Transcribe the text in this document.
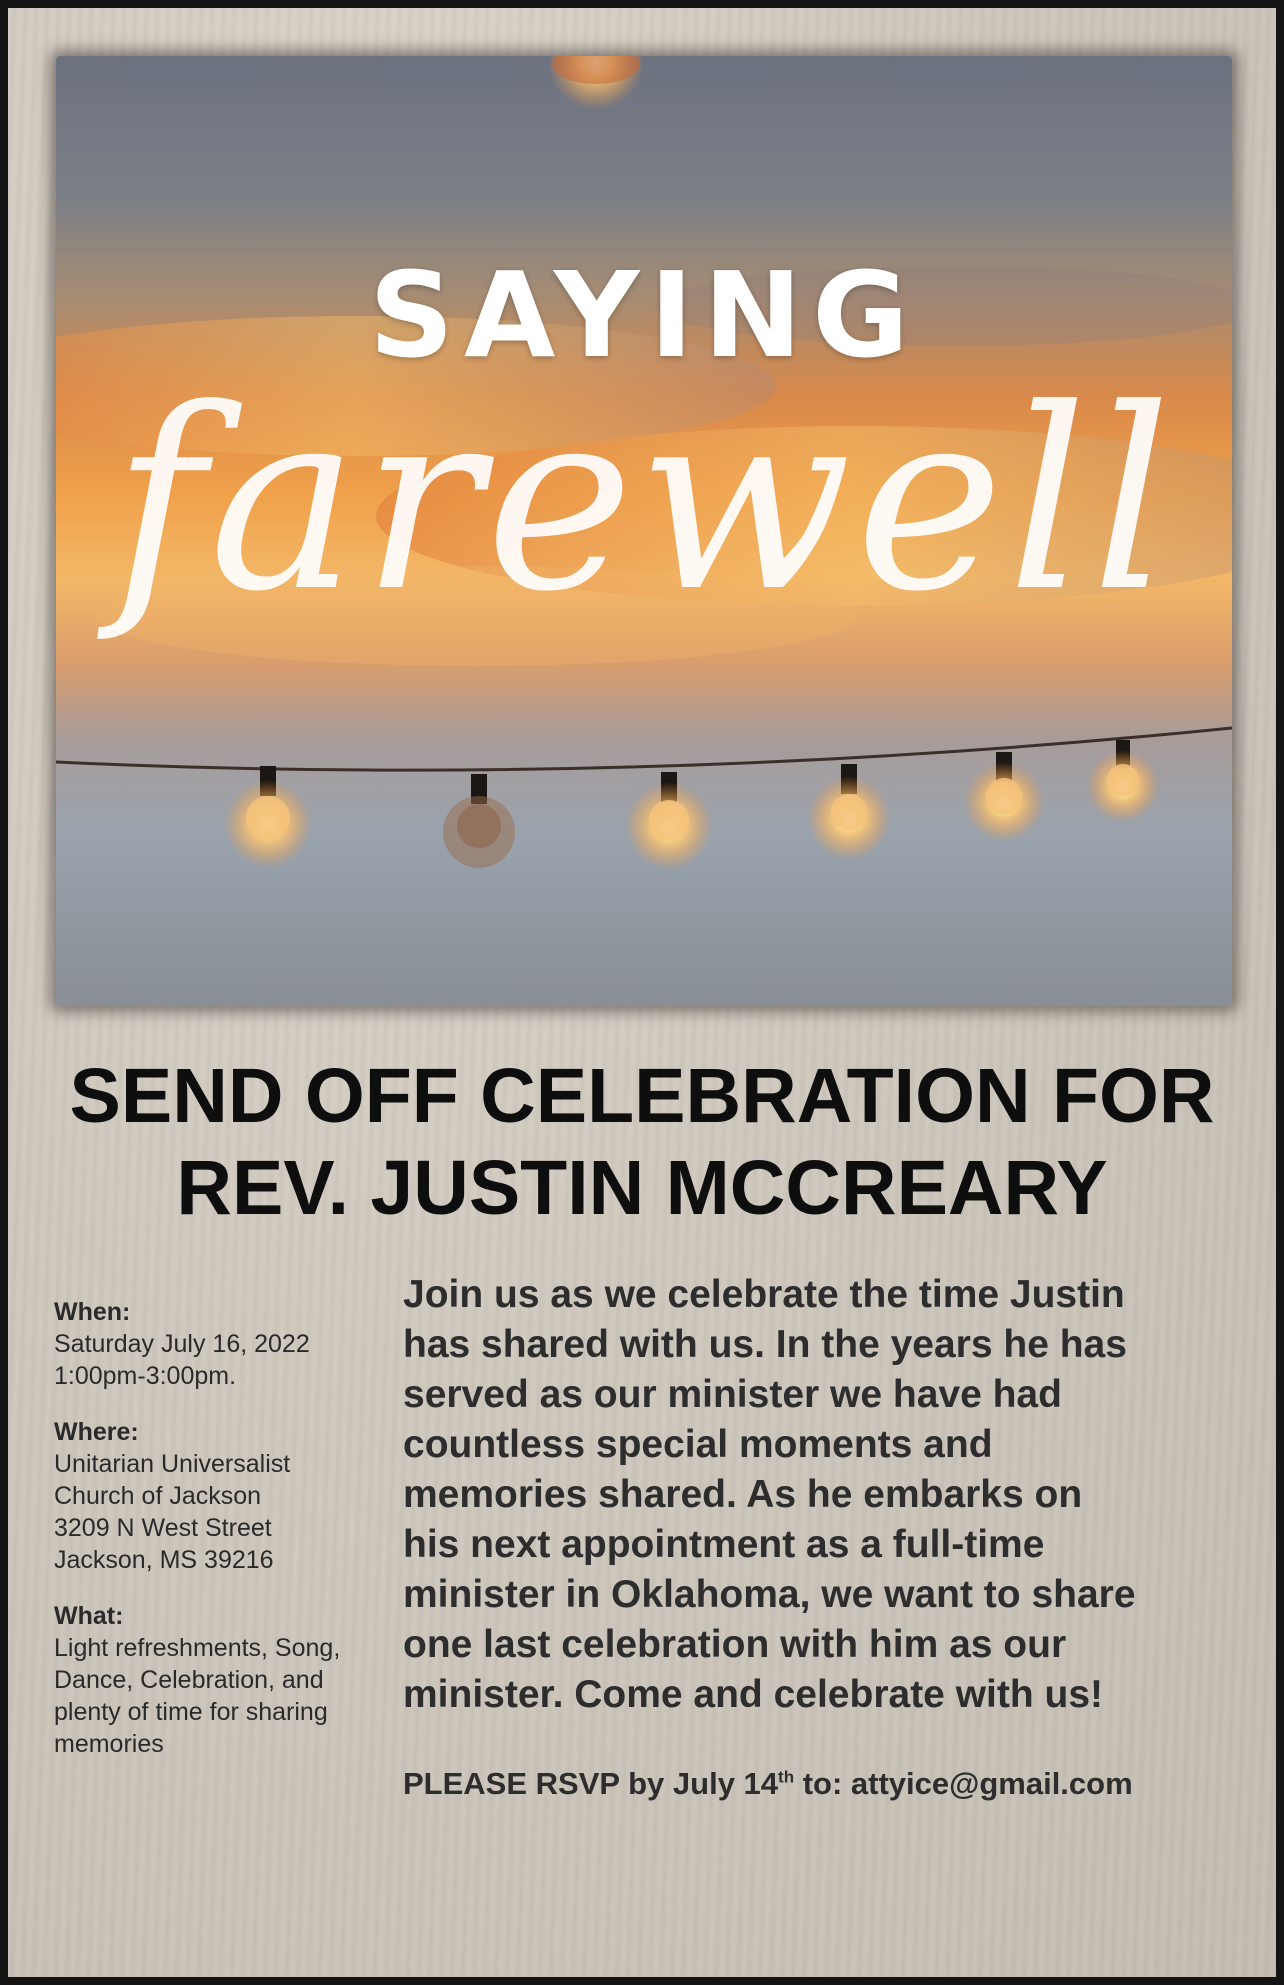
SAYING
farewell
SEND OFF CELEBRATION FOR
REV. JUSTIN MCCREARY
When:
Saturday July 16, 2022
1:00pm-3:00pm.
Where:
Unitarian Universalist
Church of Jackson
3209 N West Street
Jackson, MS 39216
What:
Light refreshments, Song,
Dance, Celebration, and
plenty of time for sharing
memories
Join us as we celebrate the time Justin
has shared with us. In the years he has
served as our minister we have had
countless special moments and
memories shared. As he embarks on
his next appointment as a full-time
minister in Oklahoma, we want to share
one last celebration with him as our
minister. Come and celebrate with us!
PLEASE RSVP by July 14th to: attyice@gmail.com
